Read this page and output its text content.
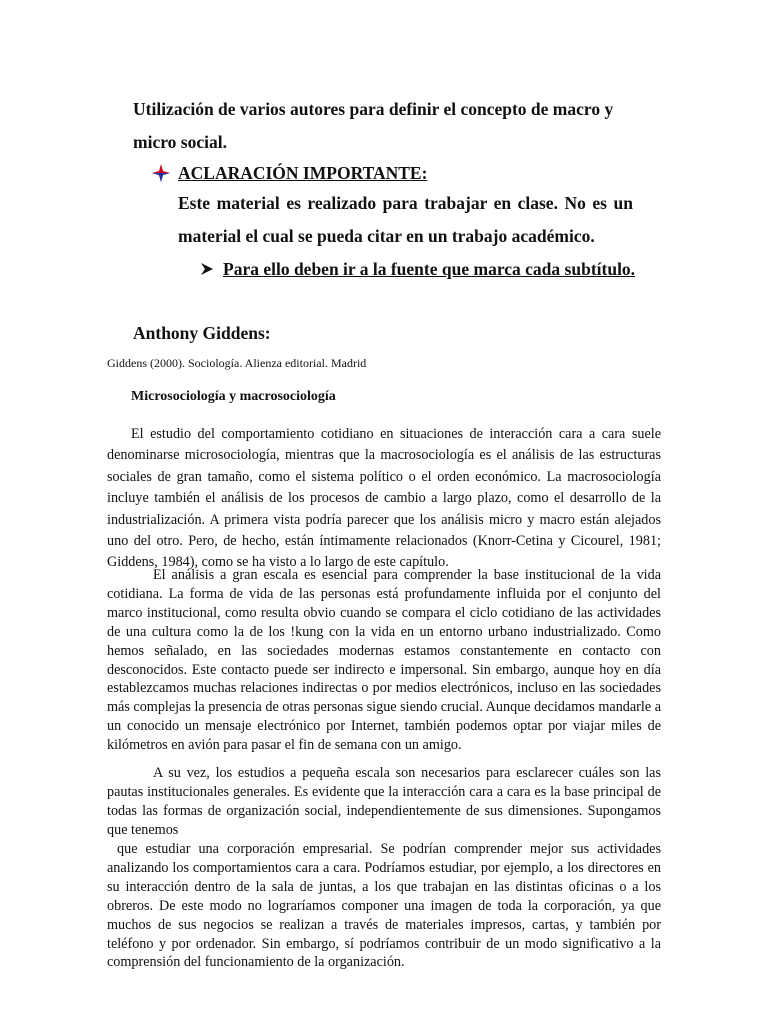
Utilización de varios autores para definir el concepto de macro y micro social.

ACLARACIÓN IMPORTANTE:

Este material es realizado para trabajar en clase. No es un material el cual se pueda citar en un trabajo académico.

Para ello deben ir a la fuente que marca cada subtítulo.

Anthony Giddens:

Giddens (2000). Sociología. Alienza editorial. Madrid

Microsociología y macrosociología

El estudio del comportamiento cotidiano en situaciones de interacción cara a cara suele denominarse microsociología, mientras que la macrosociología es el análisis de las estructuras sociales de gran tamaño, como el sistema político o el orden económico. La macrosociología incluye también el análisis de los procesos de cambio a largo plazo, como el desarrollo de la industrialización. A primera vista podría parecer que los análisis micro y macro están alejados uno del otro. Pero, de hecho, están íntimamente relacionados (Knorr-Cetina y Cicourel, 1981; Giddens, 1984), como se ha visto a lo largo de este capítulo.

El análisis a gran escala es esencial para comprender la base institucional de la vida cotidiana. La forma de vida de las personas está profundamente influida por el conjunto del marco institucional, como resulta obvio cuando se compara el ciclo cotidiano de las actividades de una cultura como la de los !kung con la vida en un entorno urbano industrializado. Como hemos señalado, en las sociedades modernas estamos constantemente en contacto con desconocidos. Este contacto puede ser indirecto e impersonal. Sin embargo, aunque hoy en día establezcamos muchas relaciones indirectas o por medios electrónicos, incluso en las sociedades más complejas la presencia de otras personas sigue siendo crucial. Aunque decidamos mandarle a un conocido un mensaje electrónico por Internet, también podemos optar por viajar miles de kilómetros en avión para pasar el fin de semana con un amigo.

A su vez, los estudios a pequeña escala son necesarios para esclarecer cuáles son las pautas institucionales generales. Es evidente que la interacción cara a cara es la base principal de todas las formas de organización social, independientemente de sus dimensiones. Supongamos que tenemos

que estudiar una corporación empresarial. Se podrían comprender mejor sus actividades analizando los comportamientos cara a cara. Podríamos estudiar, por ejemplo, a los directores en su interacción dentro de la sala de juntas, a los que trabajan en las distintas oficinas o a los obreros. De este modo no lograríamos componer una imagen de toda la corporación, ya que muchos de sus negocios se realizan a través de materiales impresos, cartas, y también por teléfono y por ordenador. Sin embargo, sí podríamos contribuir de un modo significativo a la comprensión del funcionamiento de la organización.
